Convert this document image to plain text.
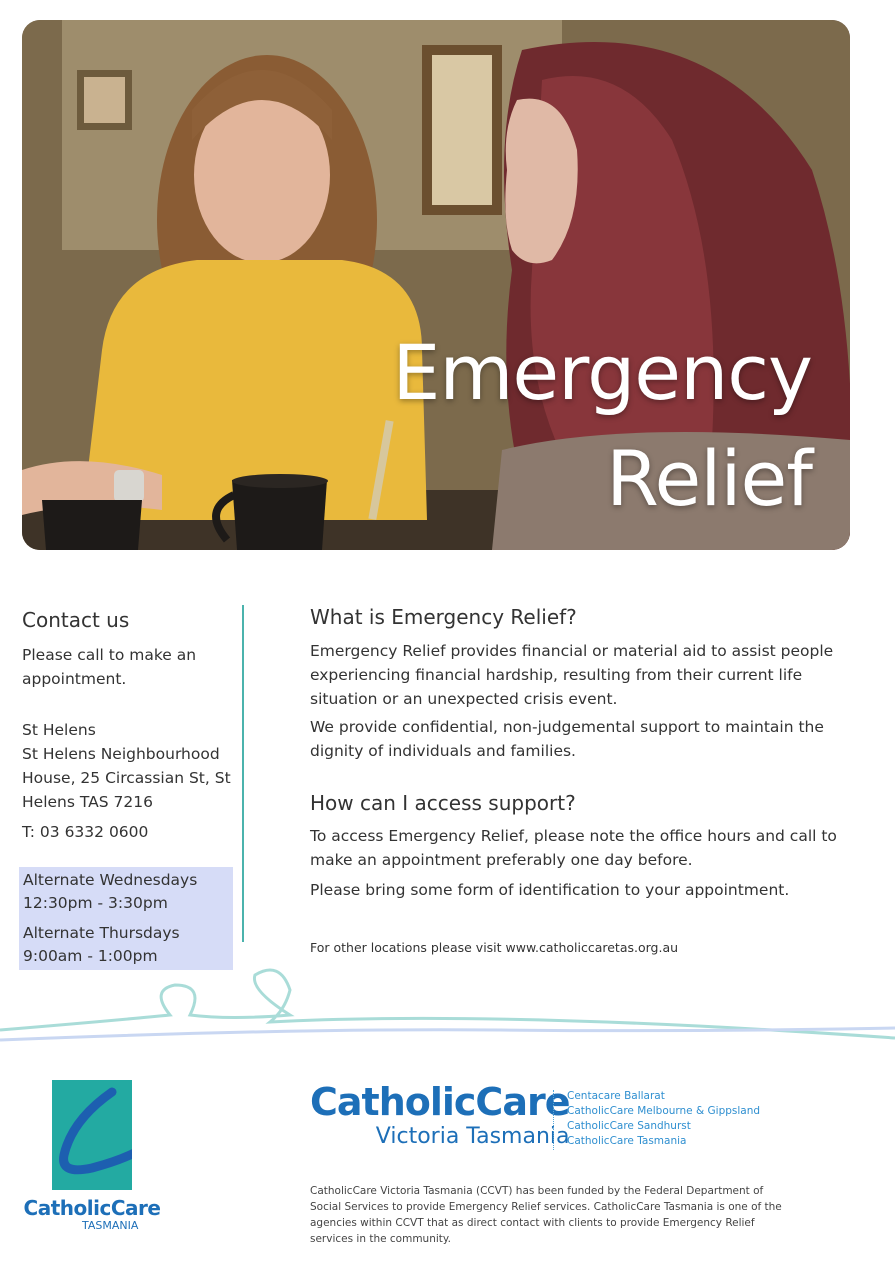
Emergency
Relief
Contact us

Please call to make an appointment.

St Helens

St Helens Neighbourhood House, 25 Circassian St, St Helens TAS 7216

T: 03 6332 0600

Alternate Wednesdays

12:30pm - 3:30pm

Alternate Thursdays

9:00am - 1:00pm

What is Emergency Relief?

Emergency Relief provides financial or material aid to assist people experiencing financial hardship, resulting from their current life situation or an unexpected crisis event.

We provide confidential, non-judgemental support to maintain the dignity of individuals and families.

How can I access support?

To access Emergency Relief, please note the office hours and call to make an appointment preferably one day before.

Please bring some form of identification to your appointment.

For other locations please visit www.catholiccaretas.org.au

CatholicCare
TASMANIA
CatholicCare
Victoria Tasmania
Centacare Ballarat
CatholicCare Melbourne & Gippsland
CatholicCare Sandhurst
CatholicCare Tasmania

CatholicCare Victoria Tasmania (CCVT) has been funded by the Federal Department of Social Services to provide Emergency Relief services. CatholicCare Tasmania is one of the agencies within CCVT that as direct contact with clients to provide Emergency Relief services in the community.
